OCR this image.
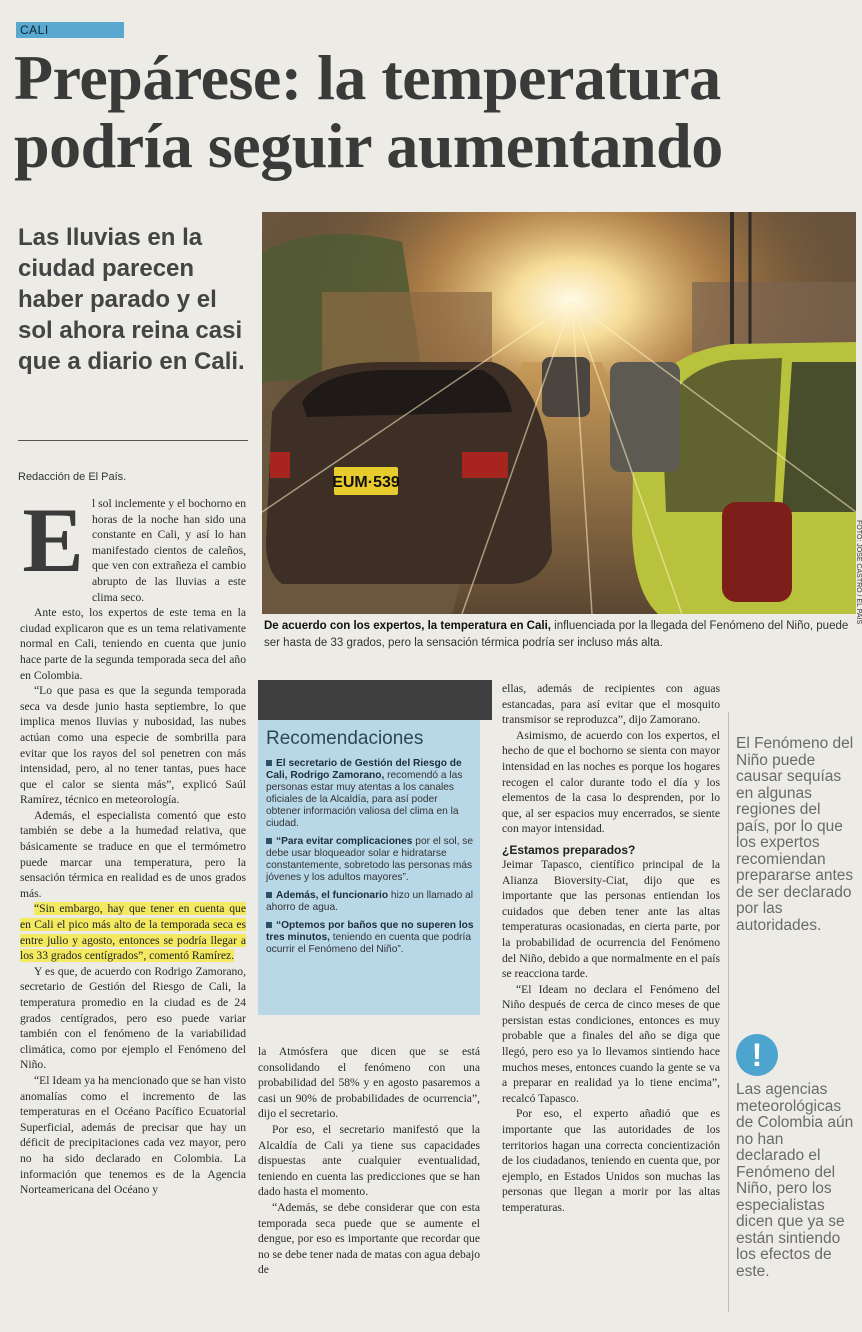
CALI
Prepárese: la temperatura podría seguir aumentando
Las lluvias en la ciudad parecen haber parado y el sol ahora reina casi que a diario en Cali.
Redacción de El País.	EUM·539
FOTO: JOSÉ CASTRO / EL PAÍS
De acuerdo con los expertos, la temperatura en Cali, influenciada por la llegada del Fenómeno del Niño, puede ser hasta de 33 grados, pero la sensación térmica podría ser incluso más alta.
E l sol inclemente y el bochorno en horas de la noche han sido una constante en Cali, y así lo han manifestado cientos de caleños, que ven con extrañeza el cambio abrupto de las lluvias a este clima seco.

Ante esto, los expertos de este tema en la ciudad explicaron que es un tema relativamente normal en Cali, teniendo en cuenta que junio hace parte de la segunda temporada seca del año en Colombia.

“Lo que pasa es que la segunda temporada seca va desde junio hasta septiembre, lo que implica menos lluvias y nubosidad, las nubes actúan como una especie de sombrilla para evitar que los rayos del sol penetren con más intensidad, pero, al no tener tantas, pues hace que el calor se sienta más”, explicó Saúl Ramírez, técnico en meteorología.

Además, el especialista comentó que esto también se debe a la humedad relativa, que básicamente se traduce en que el termómetro puede marcar una temperatura, pero la sensación térmica en realidad es de unos grados más.

“Sin embargo, hay que tener en cuenta que en Cali el pico más alto de la temporada seca es entre julio y agosto, entonces se podría llegar a los 33 grados centígrados”, comentó Ramírez.

Y es que, de acuerdo con Rodrigo Zamorano, secretario de Gestión del Riesgo de Cali, la temperatura promedio en la ciudad es de 24 grados centígrados, pero eso puede variar también con el fenómeno de la variabilidad climática, como por ejemplo el Fenómeno del Niño.

“El Ideam ya ha mencionado que se han visto anomalías como el incremento de las temperaturas en el Océano Pacífico Ecuatorial Superficial, además de precisar que hay un déficit de precipitaciones cada vez mayor, pero no ha sido declarado en Colombia. La información que tenemos es de la Agencia Norteamericana del Océano y

Recomendaciones

El secretario de Gestión del Riesgo de Cali, Rodrigo Zamorano, recomendó a las personas estar muy atentas a los canales oficiales de la Alcaldía, para así poder obtener información valiosa del clima en la ciudad.

“Para evitar complicaciones por el sol, se debe usar bloqueador solar e hidratarse constantemente, sobretodo las personas más jóvenes y los adultos mayores”.

Además, el funcionario hizo un llamado al ahorro de agua.

“Optemos por baños que no superen los tres minutos, teniendo en cuenta que podría ocurrir el Fenómeno del Niño”.

la Atmósfera que dicen que se está consolidando el fenómeno con una probabilidad del 58% y en agosto pasaremos a casi un 90% de probabilidades de ocurrencia”, dijo el secretario.

Por eso, el secretario manifestó que la Alcaldía de Cali ya tiene sus capacidades dispuestas ante cualquier eventualidad, teniendo en cuenta las predicciones que se han dado hasta el momento.

“Además, se debe considerar que con esta temporada seca puede que se aumente el dengue, por eso es importante que recordar que no se debe tener nada de matas con agua debajo de

ellas, además de recipientes con aguas estancadas, para así evitar que el mosquito transmisor se reproduzca”, dijo Zamorano.

Asimismo, de acuerdo con los expertos, el hecho de que el bochorno se sienta con mayor intensidad en las noches es porque los hogares recogen el calor durante todo el día y los elementos de la casa lo desprenden, por lo que, al ser espacios muy encerrados, se siente con mayor intensidad.

¿Estamos preparados?

Jeimar Tapasco, científico principal de la Alianza Bioversity-Ciat, dijo que es importante que las personas entiendan los cuidados que deben tener ante las altas temperaturas ocasionadas, en cierta parte, por la probabilidad de ocurrencia del Fenómeno del Niño, debido a que normalmente en el país se reacciona tarde.

“El Ideam no declara el Fenómeno del Niño después de cerca de cinco meses de que persistan estas condiciones, entonces es muy probable que a finales del año se diga que llegó, pero eso ya lo llevamos sintiendo hace muchos meses, entonces cuando la gente se va a preparar en realidad ya lo tiene encima”, recalcó Tapasco.

Por eso, el experto añadió que es importante que las autoridades de los territorios hagan una correcta concientización de los ciudadanos, teniendo en cuenta que, por ejemplo, en Estados Unidos son muchas las personas que llegan a morir por las altas temperaturas.

El Fenómeno del Niño puede causar sequías en algunas regiones del país, por lo que los expertos recomiendan prepararse antes de ser declarado por las autoridades.
!
Las agencias meteorológicas de Colombia aún no han declarado el Fenómeno del Niño, pero los especialistas dicen que ya se están sintiendo los efectos de este.
